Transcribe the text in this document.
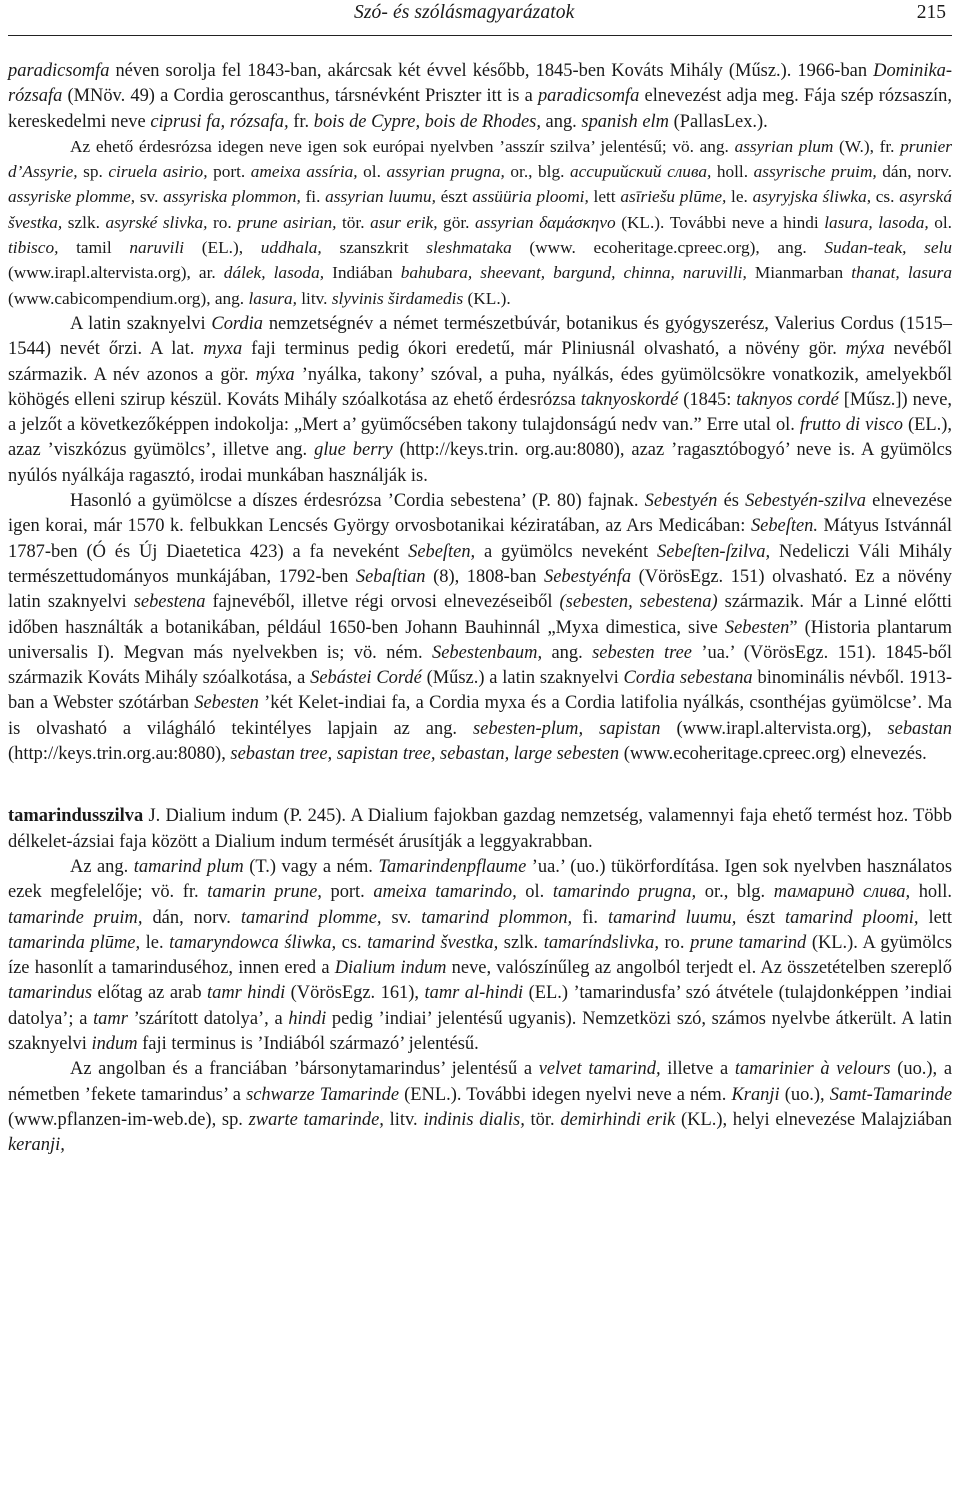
Szó- és szólásmagyarázatok	215

paradicsomfa néven sorolja fel 1843-ban, akárcsak két évvel később, 1845-ben Kováts Mihály (Műsz.). 1966-ban Dominika-rózsafa (MNöv. 49) a Cordia geroscanthus, társnévként Priszter itt is a paradicsomfa elnevezést adja meg. Fája szép rózsaszín, kereskedelmi neve ciprusi fa, rózsafa, fr. bois de Cypre, bois de Rhodes, ang. spanish elm (PallasLex.).

Az ehető érdesrózsa idegen neve igen sok európai nyelvben ’asszír szilva’ jelentésű; vö. ang. assyrian plum (W.), fr. prunier d’Assyrie, sp. ciruela asirio, port. ameixa assíria, ol. assyrian prugna, or., blg. ассирийский слива, holl. assyrische pruim, dán, norv. assyriske plomme, sv. assyriska plommon, fi. assyrian luumu, észt assüüria ploomi, lett asīriešu plūme, le. asyryjska śliwka, cs. asyrská švestka, szlk. asyrské slivka, ro. prune asirian, tör. asur erik, gör. assyrian δαμάσκηνο (KL.). További neve a hindi lasura, lasoda, ol. tibisco, tamil naruvili (EL.), uddhala, szanszkrit sleshmataka (www. ecoheritage.cpreec.org), ang. Sudan-teak, selu (www.irapl.altervista.org), ar. dálek, lasoda, Indiában bahubara, sheevant, bargund, chinna, naruvilli, Mianmarban thanat, lasura (www.cabicompendium.org), ang. lasura, litv. slyvinis širdamedis (KL.).

A latin szaknyelvi Cordia nemzetségnév a német természetbúvár, botanikus és gyógyszerész, Valerius Cordus (1515–1544) nevét őrzi. A lat. myxa faji terminus pedig ókori eredetű, már Pliniusnál olvasható, a növény gör. mýxa nevéből származik. A név azonos a gör. mýxa ’nyálka, takony’ szóval, a puha, nyálkás, édes gyümölcsökre vonatkozik, amelyekből köhögés elleni szirup készül. Kováts Mihály szóalkotása az ehető érdesrózsa taknyoskordé (1845: taknyos cordé [Műsz.]) neve, a jelzőt a következőképpen indokolja: „Mert a’ gyümőcsében takony tulajdonságú nedv van.” Erre utal ol. frutto di visco (EL.), azaz ’viszkózus gyümölcs’, illetve ang. glue berry (http://keys.trin. org.au:8080), azaz ’ragasztóbogyó’ neve is. A gyümölcs nyúlós nyálkája ragasztó, irodai munkában használják is.

Hasonló a gyümölcse a díszes érdesrózsa ’Cordia sebestena’ (P. 80) fajnak. Sebestyén és Sebestyén-szilva elnevezése igen korai, már 1570 k. felbukkan Lencsés György orvosbotanikai kéziratában, az Ars Medicában: Sebeſten. Mátyus Istvánnál 1787-ben (Ó és Új Diaetetica 423) a fa neveként Sebeſten, a gyümölcs neveként Sebeſten-ſzilva, Nedeliczi Váli Mihály természettudományos munkájában, 1792-ben Sebaſtian (8), 1808-ban Sebestyénfa (VörösEgz. 151) olvasható. Ez a növény latin szaknyelvi sebestena fajnevéből, illetve régi orvosi elnevezéseiből (sebesten, sebestena) származik. Már a Linné előtti időben használták a botanikában, például 1650-ben Johann Bauhinnál „Myxa dimestica, sive Sebesten” (Historia plantarum universalis I). Megvan más nyelvekben is; vö. ném. Sebestenbaum, ang. sebesten tree ’ua.’ (VörösEgz. 151). 1845-ből származik Kováts Mihály szóalkotása, a Sebástei Cordé (Műsz.) a latin szaknyelvi Cordia sebestana binominális névből. 1913-ban a Webster szótárban Sebesten ’két Kelet-indiai fa, a Cordia myxa és a Cordia latifolia nyálkás, csonthéjas gyümölcse’. Ma is olvasható a világháló tekintélyes lapjain az ang. sebesten-plum, sapistan (www.irapl.altervista.org), sebastan (http://keys.trin.org.au:8080), sebastan tree, sapistan tree, sebastan, large sebesten (www.ecoheritage.cpreec.org) elnevezés.

tamarindusszilva J. Dialium indum (P. 245). A Dialium fajokban gazdag nemzetség, valamennyi faja ehető termést hoz. Több délkelet-ázsiai faja között a Dialium indum termését árusítják a leggyakrabban.

Az ang. tamarind plum (T.) vagy a ném. Tamarindenpflaume ’ua.’ (uo.) tükörfordítása. Igen sok nyelvben használatos ezek megfelelője; vö. fr. tamarin prune, port. ameixa tamarindo, ol. tamarindo prugna, or., blg. тамаринд слива, holl. tamarinde pruim, dán, norv. tamarind plomme, sv. tamarind plommon, fi. tamarind luumu, észt tamarind ploomi, lett tamarinda plūme, le. tamaryndowca śliwka, cs. tamarind švestka, szlk. tamaríndslivka, ro. prune tamarind (KL.). A gyümölcs íze hasonlít a tamarinduséhoz, innen ered a Dialium indum neve, valószínűleg az angolból terjedt el. Az összetételben szereplő tamarindus előtag az arab tamr hindi (VörösEgz. 161), tamr al-hindi (EL.) ’tamarindusfa’ szó átvétele (tulajdonképpen ’indiai datolya’; a tamr ’szárított datolya’, a hindi pedig ’indiai’ jelentésű ugyanis). Nemzetközi szó, számos nyelvbe átkerült. A latin szaknyelvi indum faji terminus is ’Indiából származó’ jelentésű.

Az angolban és a franciában ’bársonytamarindus’ jelentésű a velvet tamarind, illetve a tamarinier à velours (uo.), a németben ’fekete tamarindus’ a schwarze Tamarinde (ENL.). További idegen nyelvi neve a ném. Kranji (uo.), Samt-Tamarinde (www.pflanzen-im-web.de), sp. zwarte tamarinde, litv. indinis dialis, tör. demirhindi erik (KL.), helyi elnevezése Malajziában keranji,
